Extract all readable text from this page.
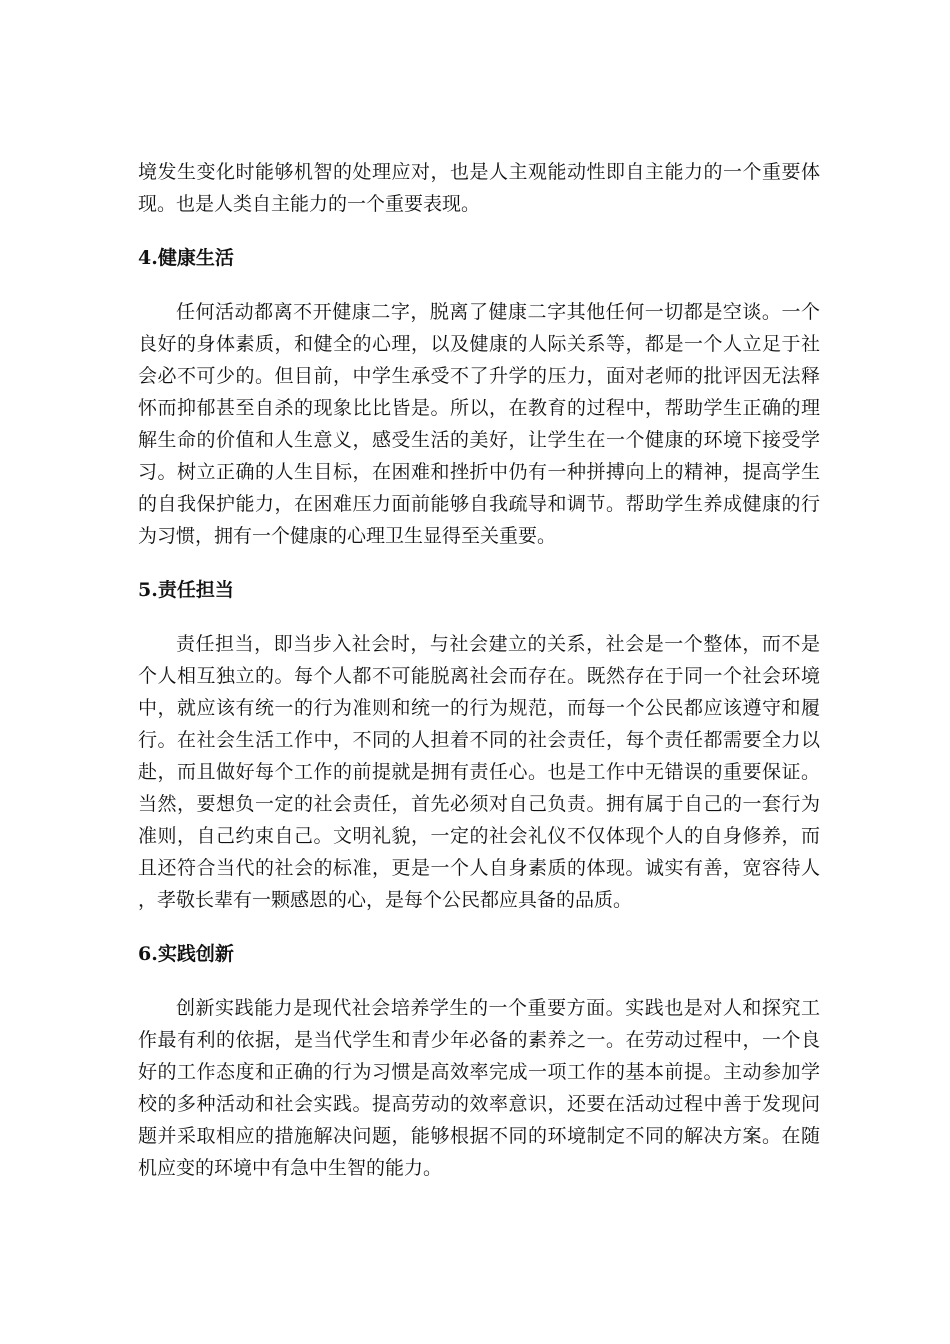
境发生变化时能够机智的处理应对，也是人主观能动性即自主能力的一个重要体现。也是人类自主能力的一个重要表现。

4.健康生活

任何活动都离不开健康二字，脱离了健康二字其他任何一切都是空谈。一个良好的身体素质，和健全的心理，以及健康的人际关系等，都是一个人立足于社会必不可少的。但目前，中学生承受不了升学的压力，面对老师的批评因无法释怀而抑郁甚至自杀的现象比比皆是。所以，在教育的过程中，帮助学生正确的理解生命的价值和人生意义，感受生活的美好，让学生在一个健康的环境下接受学习。树立正确的人生目标，在困难和挫折中仍有一种拼搏向上的精神，提高学生的自我保护能力，在困难压力面前能够自我疏导和调节。帮助学生养成健康的行为习惯，拥有一个健康的心理卫生显得至关重要。

5.责任担当

责任担当，即当步入社会时，与社会建立的关系，社会是一个整体，而不是个人相互独立的。每个人都不可能脱离社会而存在。既然存在于同一个社会环境中，就应该有统一的行为准则和统一的行为规范，而每一个公民都应该遵守和履行。在社会生活工作中，不同的人担着不同的社会责任，每个责任都需要全力以赴，而且做好每个工作的前提就是拥有责任心。也是工作中无错误的重要保证。当然，要想负一定的社会责任，首先必须对自己负责。拥有属于自己的一套行为准则，自己约束自己。文明礼貌，一定的社会礼仪不仅体现个人的自身修养，而且还符合当代的社会的标准，更是一个人自身素质的体现。诚实有善，宽容待人，孝敬长辈有一颗感恩的心，是每个公民都应具备的品质。

6.实践创新

创新实践能力是现代社会培养学生的一个重要方面。实践也是对人和探究工作最有利的依据，是当代学生和青少年必备的素养之一。在劳动过程中，一个良好的工作态度和正确的行为习惯是高效率完成一项工作的基本前提。主动参加学校的多种活动和社会实践。提高劳动的效率意识，还要在活动过程中善于发现问题并采取相应的措施解决问题，能够根据不同的环境制定不同的解决方案。在随机应变的环境中有急中生智的能力。
